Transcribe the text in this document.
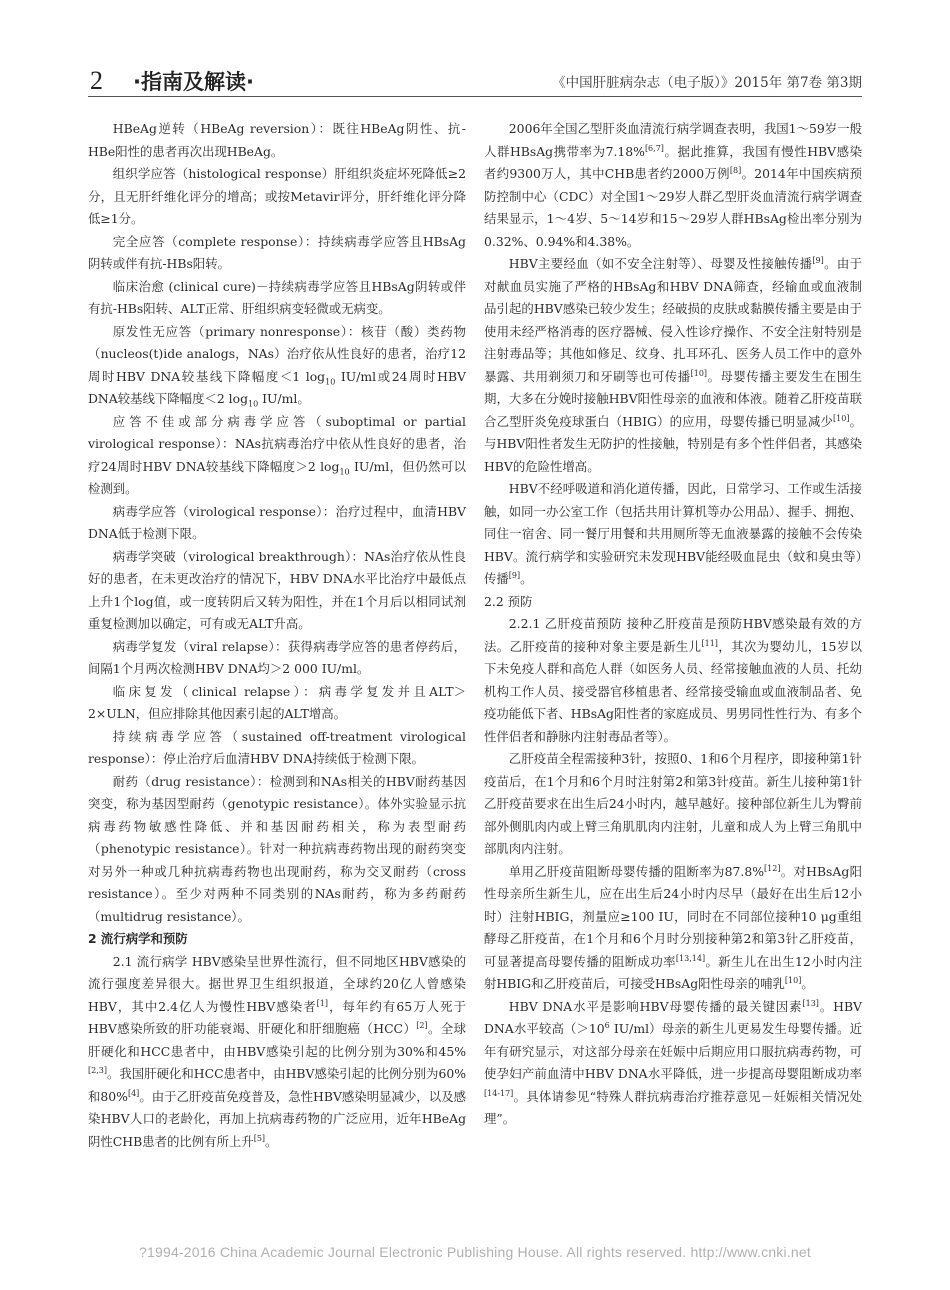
2 ·指南及解读·	《中国肝脏病杂志（电子版）》2015年 第7卷 第3期

HBeAg逆转（HBeAg reversion）：既往HBeAg阴性、抗-HBe阳性的患者再次出现HBeAg。

组织学应答（histological response）肝组织炎症坏死降低≥2分，且无肝纤维化评分的增高；或按Metavir评分，肝纤维化评分降低≥1分。

完全应答（complete response）：持续病毒学应答且HBsAg阴转或伴有抗-HBs阳转。

临床治愈 (clinical cure)－持续病毒学应答且HBsAg阴转或伴有抗-HBs阳转、ALT正常、肝组织病变轻微或无病变。

原发性无应答（primary nonresponse）：核苷（酸）类药物（nucleos(t)ide analogs，NAs）治疗依从性良好的患者，治疗12周时HBV DNA较基线下降幅度＜1 $\log_{10} IU/ml$或24周时HBV DNA较基线下降幅度＜2 $\log_{10} IU/ml$。

应答不佳或部分病毒学应答（suboptimal or partial virological response）：NAs抗病毒治疗中依从性良好的患者，治疗24周时HBV DNA较基线下降幅度＞2 $\log_{10} IU/ml$，但仍然可以检测到。

病毒学应答（virological response）：治疗过程中，血清HBV DNA低于检测下限。

病毒学突破（virological breakthrough）：NAs治疗依从性良好的患者，在未更改治疗的情况下，HBV DNA水平比治疗中最低点上升1个log值，或一度转阴后又转为阳性，并在1个月后以相同试剂重复检测加以确定，可有或无ALT升高。

病毒学复发（viral relapse）：获得病毒学应答的患者停药后，间隔1个月两次检测HBV DNA均＞2 000 IU/ml。

临床复发（clinical relapse）：病毒学复发并且ALT＞2×ULN，但应排除其他因素引起的ALT增高。

持续病毒学应答（sustained off-treatment virological response）：停止治疗后血清HBV DNA持续低于检测下限。

耐药（drug resistance）：检测到和NAs相关的HBV耐药基因突变，称为基因型耐药（genotypic resistance）。体外实验显示抗病毒药物敏感性降低、并和基因耐药相关，称为表型耐药（phenotypic resistance）。针对一种抗病毒药物出现的耐药突变对另外一种或几种抗病毒药物也出现耐药，称为交叉耐药（cross resistance）。至少对两种不同类别的NAs耐药，称为多药耐药（multidrug resistance）。

2 流行病学和预防

2.1 流行病学 HBV感染呈世界性流行，但不同地区HBV感染的流行强度差异很大。据世界卫生组织报道，全球约20亿人曾感染HBV，其中2.4亿人为慢性HBV感染者[1]，每年约有65万人死于HBV感染所致的肝功能衰竭、肝硬化和肝细胞癌（HCC）[2]。全球肝硬化和HCC患者中，由HBV感染引起的比例分别为30%和45%[2,3]。我国肝硬化和HCC患者中，由HBV感染引起的比例分别为60%和80%[4]。由于乙肝疫苗免疫普及，急性HBV感染明显减少，以及感染HBV人口的老龄化，再加上抗病毒药物的广泛应用，近年HBeAg阴性CHB患者的比例有所上升[5]。

2006年全国乙型肝炎血清流行病学调查表明，我国1～59岁一般人群HBsAg携带率为7.18%[6,7]。据此推算，我国有慢性HBV感染者约9300万人，其中CHB患者约2000万例[8]。2014年中国疾病预防控制中心（CDC）对全国1～29岁人群乙型肝炎血清流行病学调查结果显示，1～4岁、5～14岁和15～29岁人群HBsAg检出率分别为0.32%、0.94%和4.38%。

HBV主要经血（如不安全注射等）、母婴及性接触传播[9]。由于对献血员实施了严格的HBsAg和HBV DNA筛查，经输血或血液制品引起的HBV感染已较少发生；经破损的皮肤或黏膜传播主要是由于使用未经严格消毒的医疗器械、侵入性诊疗操作、不安全注射特别是注射毒品等；其他如修足、纹身、扎耳环孔、医务人员工作中的意外暴露、共用剃须刀和牙刷等也可传播[10]。母婴传播主要发生在围生期，大多在分娩时接触HBV阳性母亲的血液和体液。随着乙肝疫苗联合乙型肝炎免疫球蛋白（HBIG）的应用，母婴传播已明显减少[10]。与HBV阳性者发生无防护的性接触，特别是有多个性伴侣者，其感染HBV的危险性增高。

HBV不经呼吸道和消化道传播，因此，日常学习、工作或生活接触，如同一办公室工作（包括共用计算机等办公用品）、握手、拥抱、同住一宿舍、同一餐厅用餐和共用厕所等无血液暴露的接触不会传染HBV。流行病学和实验研究未发现HBV能经吸血昆虫（蚊和臭虫等）传播[9]。

2.2 预防

2.2.1 乙肝疫苗预防 接种乙肝疫苗是预防HBV感染最有效的方法。乙肝疫苗的接种对象主要是新生儿[11]，其次为婴幼儿，15岁以下未免疫人群和高危人群（如医务人员、经常接触血液的人员、托幼机构工作人员、接受器官移植患者、经常接受输血或血液制品者、免疫功能低下者、HBsAg阳性者的家庭成员、男男同性性行为、有多个性伴侣者和静脉内注射毒品者等）。

乙肝疫苗全程需接种3针，按照0、1和6个月程序，即接种第1针疫苗后，在1个月和6个月时注射第2和第3针疫苗。新生儿接种第1针乙肝疫苗要求在出生后24小时内，越早越好。接种部位新生儿为臀前部外侧肌肉内或上臂三角肌肌肉内注射，儿童和成人为上臂三角肌中部肌肉内注射。

单用乙肝疫苗阻断母婴传播的阻断率为87.8%[12]。对HBsAg阳性母亲所生新生儿，应在出生后24小时内尽早（最好在出生后12小时）注射HBIG，剂量应≥100 IU，同时在不同部位接种10 μg重组酵母乙肝疫苗，在1个月和6个月时分别接种第2和第3针乙肝疫苗，可显著提高母婴传播的阻断成功率[13,14]。新生儿在出生12小时内注射HBIG和乙肝疫苗后，可接受HBsAg阳性母亲的哺乳[10]。

HBV DNA水平是影响HBV母婴传播的最关键因素[13]。HBV DNA水平较高（$>10^6$ IU/ml）母亲的新生儿更易发生母婴传播。近年有研究显示，对这部分母亲在妊娠中后期应用口服抗病毒药物，可使孕妇产前血清中HBV DNA水平降低，进一步提高母婴阻断成功率[14-17]。具体请参见“特殊人群抗病毒治疗推荐意见－妊娠相关情况处理”。

?1994-2016 China Academic Journal Electronic Publishing House. All rights reserved. http://www.cnki.net
